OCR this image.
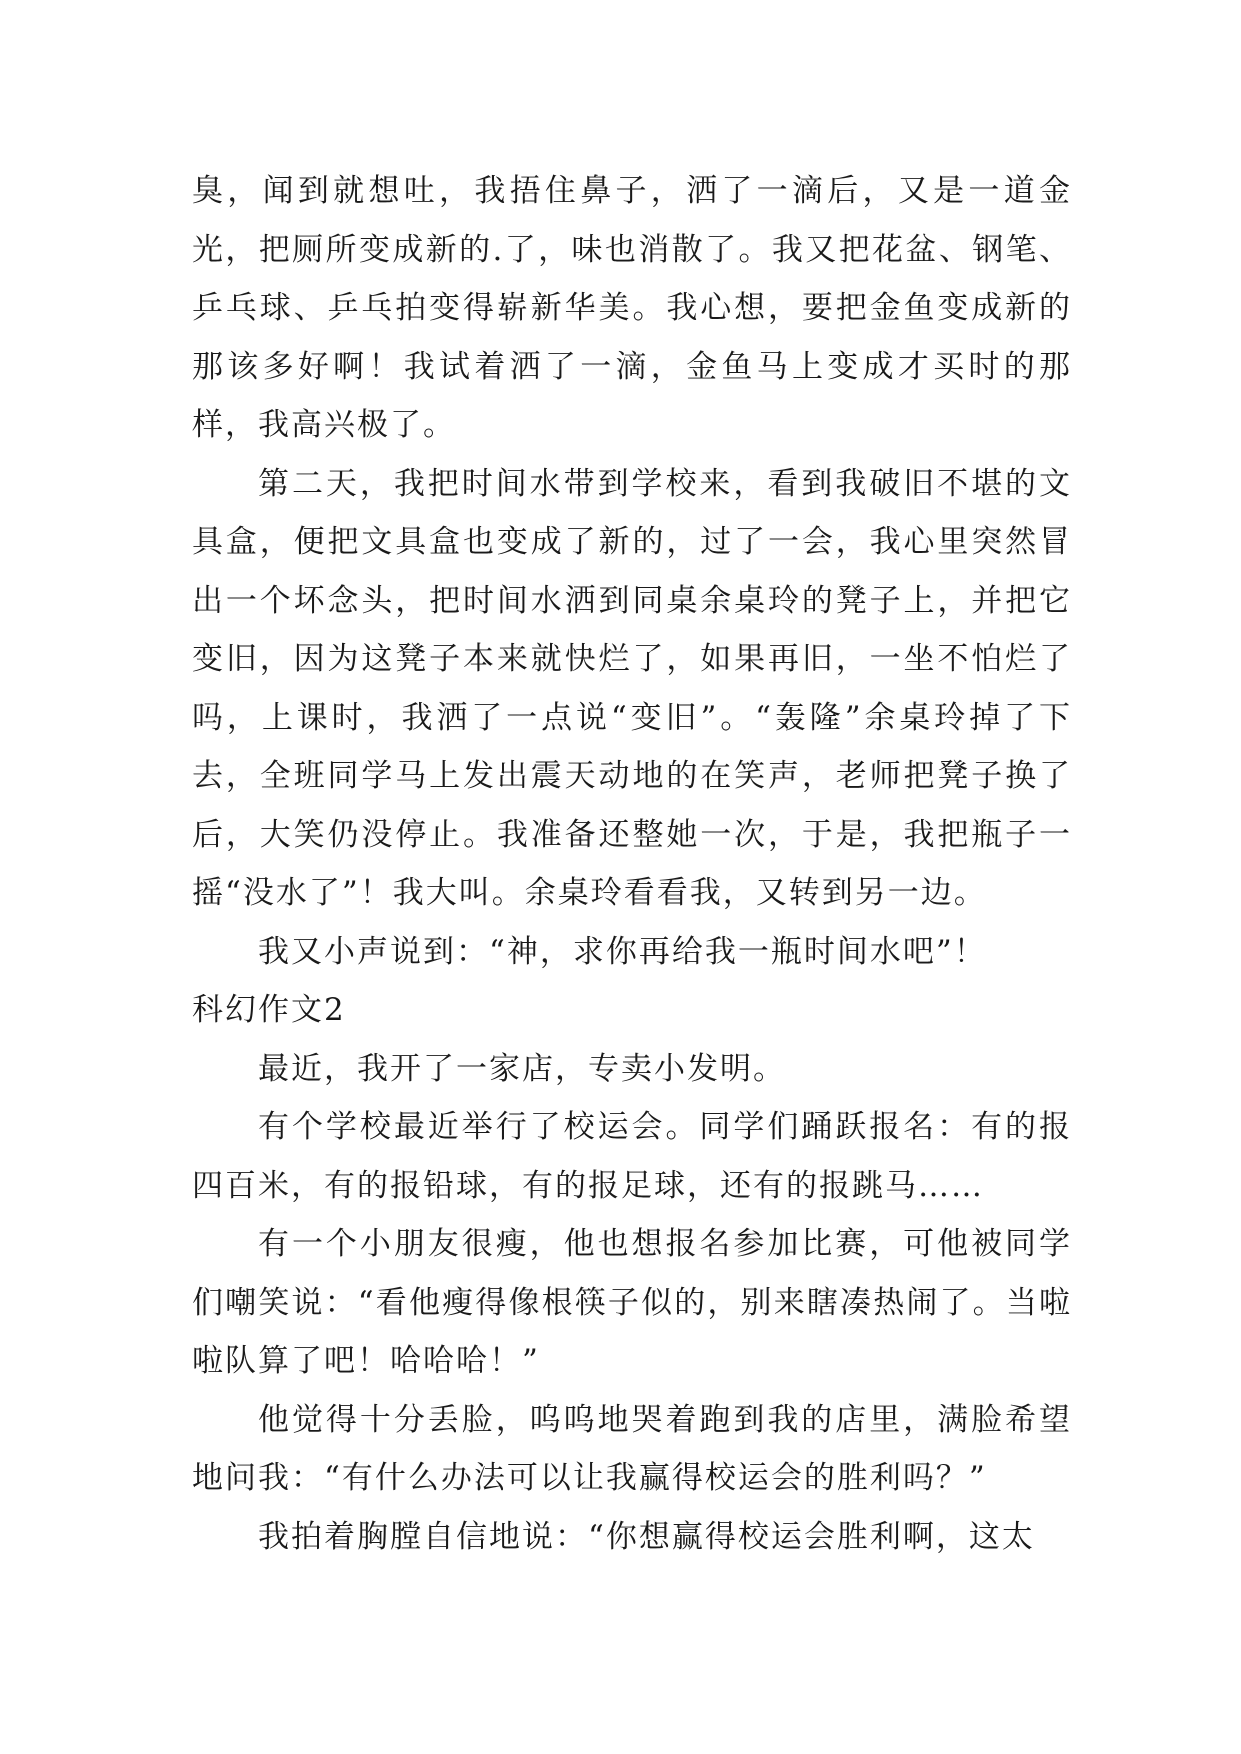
臭，闻到就想吐，我捂住鼻子，洒了一滴后，又是一道金光，把厕所变成新的.了，味也消散了。我又把花盆、钢笔、乒乓球、乒乓拍变得崭新华美。我心想，要把金鱼变成新的那该多好啊！我试着洒了一滴，金鱼马上变成才买时的那样，我高兴极了。

第二天，我把时间水带到学校来，看到我破旧不堪的文具盒，便把文具盒也变成了新的，过了一会，我心里突然冒出一个坏念头，把时间水洒到同桌余桌玲的凳子上，并把它变旧，因为这凳子本来就快烂了，如果再旧，一坐不怕烂了吗，上课时，我洒了一点说“变旧”。“轰隆”余桌玲掉了下去，全班同学马上发出震天动地的在笑声，老师把凳子换了后，大笑仍没停止。我准备还整她一次，于是，我把瓶子一摇“没水了”！我大叫。余桌玲看看我，又转到另一边。

我又小声说到：“神，求你再给我一瓶时间水吧”！

科幻作文2

最近，我开了一家店，专卖小发明。

有个学校最近举行了校运会。同学们踊跃报名：有的报四百米，有的报铅球，有的报足球，还有的报跳马……

有一个小朋友很瘦，他也想报名参加比赛，可他被同学们嘲笑说：“看他瘦得像根筷子似的，别来瞎凑热闹了。当啦啦队算了吧！哈哈哈！”

他觉得十分丢脸，呜呜地哭着跑到我的店里，满脸希望地问我：“有什么办法可以让我赢得校运会的胜利吗？”

我拍着胸膛自信地说：“你想赢得校运会胜利啊，这太
